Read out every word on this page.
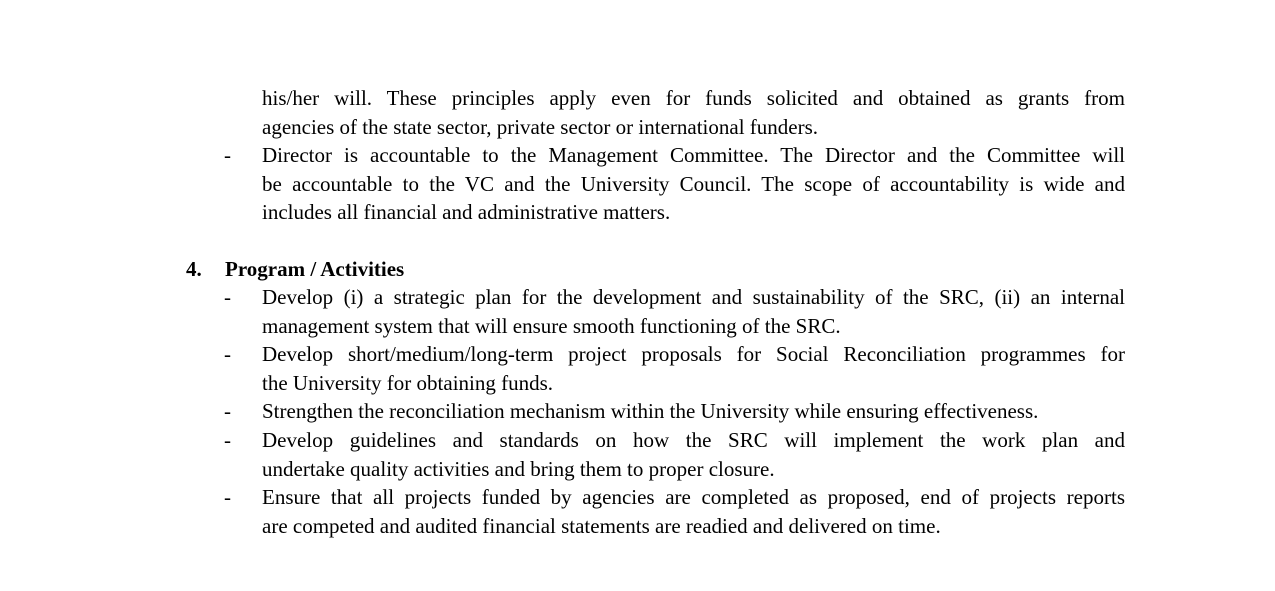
his/her will. These principles apply even for funds solicited and obtained as grants from
agencies of the state sector, private sector or international funders.
- Director is accountable to the Management Committee. The Director and the Committee will
be accountable to the VC and the University Council. The scope of accountability is wide and
includes all financial and administrative matters.
4. Program / Activities
- Develop (i) a strategic plan for the development and sustainability of the SRC, (ii) an internal
management system that will ensure smooth functioning of the SRC.
- Develop short/medium/long-term project proposals for Social Reconciliation programmes for
the University for obtaining funds.
- Strengthen the reconciliation mechanism within the University while ensuring effectiveness.
- Develop guidelines and standards on how the SRC will implement the work plan and
undertake quality activities and bring them to proper closure.
- Ensure that all projects funded by agencies are completed as proposed, end of projects reports
are competed and audited financial statements are readied and delivered on time.
